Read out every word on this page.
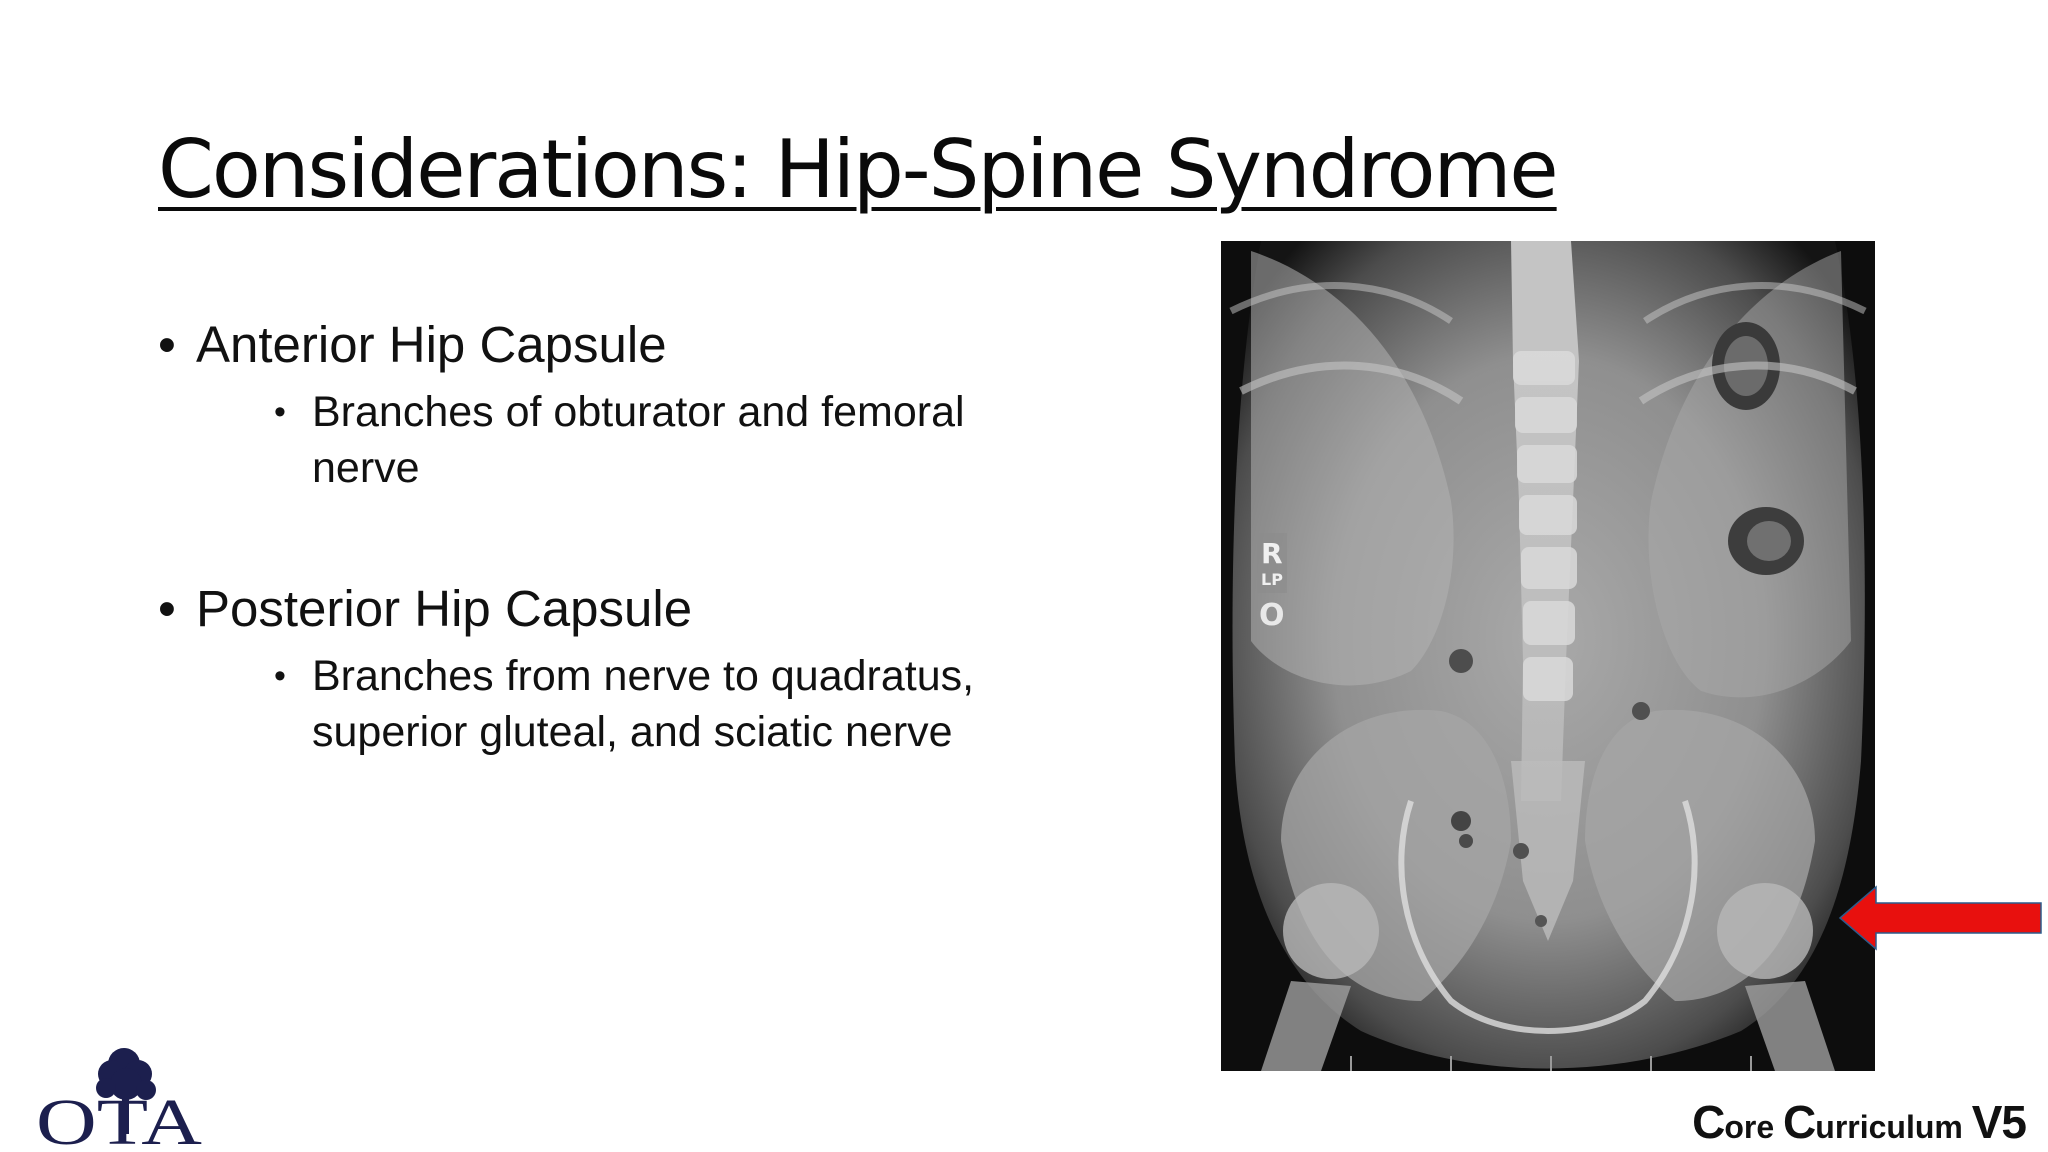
Considerations: Hip-Spine Syndrome
• Anterior Hip Capsule
• Branches of obturator and femoral nerve
• Posterior Hip Capsule
• Branches from nerve to quadratus, superior gluteal, and sciatic nerve
R
LP
O
OTA	Core Curriculum V5
